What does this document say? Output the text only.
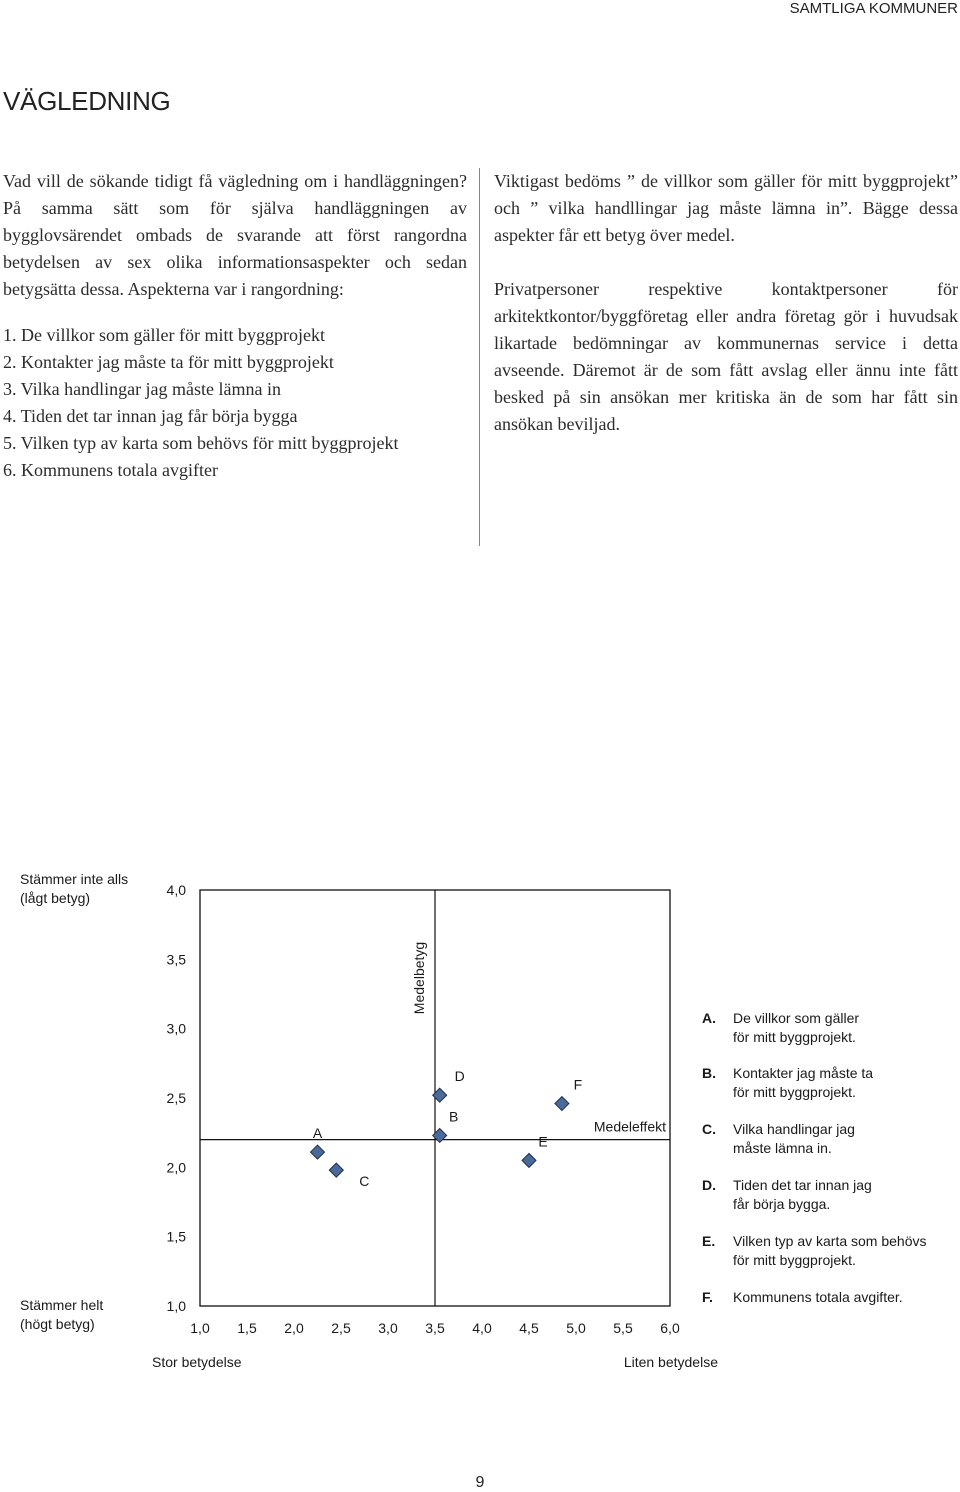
SAMTLIGA KOMMUNER
VÄGLEDNING

Vad vill de sökande tidigt få vägledning om i handläggningen? På samma sätt som för själva handläggningen av bygglovsärendet ombads de svarande att först rangordna betydelsen av sex olika informationsaspekter och sedan betygsätta dessa. Aspekterna var i rangordning:

1. De villkor som gäller för mitt byggprojekt
2. Kontakter jag måste ta för mitt byggprojekt
3. Vilka handlingar jag måste lämna in
4. Tiden det tar innan jag får börja bygga
5. Vilken typ av karta som behövs för mitt byggprojekt
6. Kommunens totala avgifter

Viktigast bedöms ” de villkor som gäller för mitt byggprojekt” och ” vilka handllingar jag måste lämna in”. Bägge dessa aspekter får ett betyg över medel.

Privatpersoner respektive kontaktpersoner för arkitektkontor/byggföretag eller andra företag gör i huvudsak likartade bedömningar av kommunernas service i detta avseende. Däremot är de som fått avslag eller ännu inte fått besked på sin ansökan mer kritiska än de som har fått sin ansökan beviljad.

4,0
3,5
3,0
2,5
2,0
1,5
1,0
1,0 1,5 2,0 2,5 3,0 3,5 4,0 4,5 5,0 5,5 6,0
Stämmer inte alls
(lågt betyg)
Stämmer helt
(högt betyg)
Stor betydelse	Liten betydelse
Medelbetyg
Medeleffekt
A
B
C
D
E
F
A. De villkor som gäller
för mitt byggprojekt.
B. Kontakter jag måste ta
för mitt byggprojekt.
C. Vilka handlingar jag
måste lämna in.
D. Tiden det tar innan jag
får börja bygga.
E. Vilken typ av karta som behövs
för mitt byggprojekt.
F. Kommunens totala avgifter.
9
